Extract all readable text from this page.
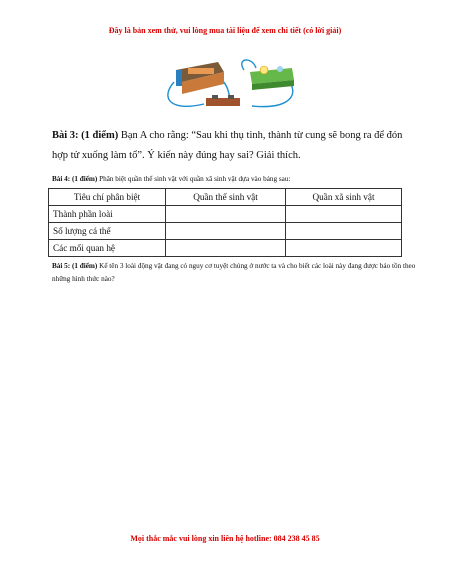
Đây là bản xem thử, vui lòng mua tài liệu để xem chi tiết (có lời giải)
Bài 3: (1 điểm) Bạn A cho rằng: “Sau khi thụ tinh, thành từ cung sẽ bong ra để đón hợp tử xuống làm tổ”. Ý kiến này đúng hay sai? Giải thích.
Bài 4: (1 điểm) Phân biệt quần thể sinh vật với quần xã sinh vật dựa vào bảng sau:
Tiêu chí phân biệt	Quần thể sinh vật	Quần xã sinh vật
Thành phần loài		
Số lượng cá thể		
Các mối quan hệ		
Bài 5: (1 điểm) Kể tên 3 loài động vật đang có nguy cơ tuyệt chủng ở nước ta và cho biết các loài này đang được bảo tồn theo những hình thức nào?
Mọi thắc mắc vui lòng xin liên hệ hotline: 084 238 45 85
